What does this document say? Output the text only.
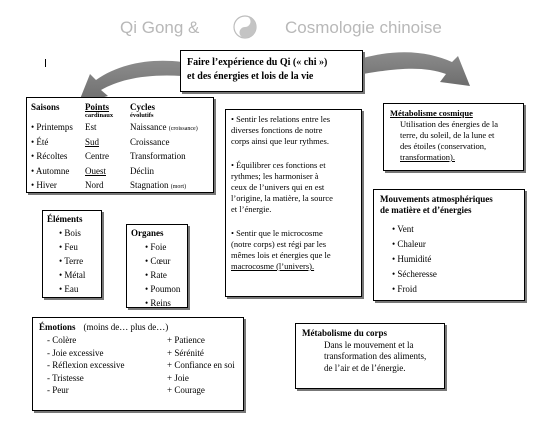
Qi Gong &	Cosmologie chinoise
Faire l’expérience du Qi (« chi »)
et des énergies et lois de la vie
Saisons
• Printemps
• Été
• Récoltes
• Automne
• Hiver
Points
cardinaux
Est
Sud
Centre
Ouest
Nord
Cycles
évolutifs
Naissance (croissance)
Croissance
Transformation
Déclin
Stagnation (mort)
Éléments
• Bois
• Feu
• Terre
• Métal
• Eau
Organes
• Foie
• Cœur
• Rate
• Poumon
• Reins
Émotions (moins de… plus de…)
- Colère
- Joie excessive
- Réflexion excessive
- Tristesse
- Peur
+ Patience
+ Sérénité
+ Confiance en soi
+ Joie
+ Courage
• Sentir les relations entre les
diverses fonctions de notre
corps ainsi que leur rythmes.
• Équilibrer ces fonctions et
rythmes; les harmoniser à
ceux de l’univers qui en est
l’origine, la matière, la source
et l’énergie.
• Sentir que le microcosme
(notre corps) est régi par les
mêmes lois et énergies que le
macrocosme (l’univers).
Métabolisme cosmique
Utilisation des énergies de la
terre, du soleil, de la lune et
des étoiles (conservation,
transformation).
Mouvements atmosphériques
de matière et d’énergies
• Vent
• Chaleur
• Humidité
• Sécheresse
• Froid
Métabolisme du corps
Dans le mouvement et la
transformation des aliments,
de l’air et de l’énergie.
